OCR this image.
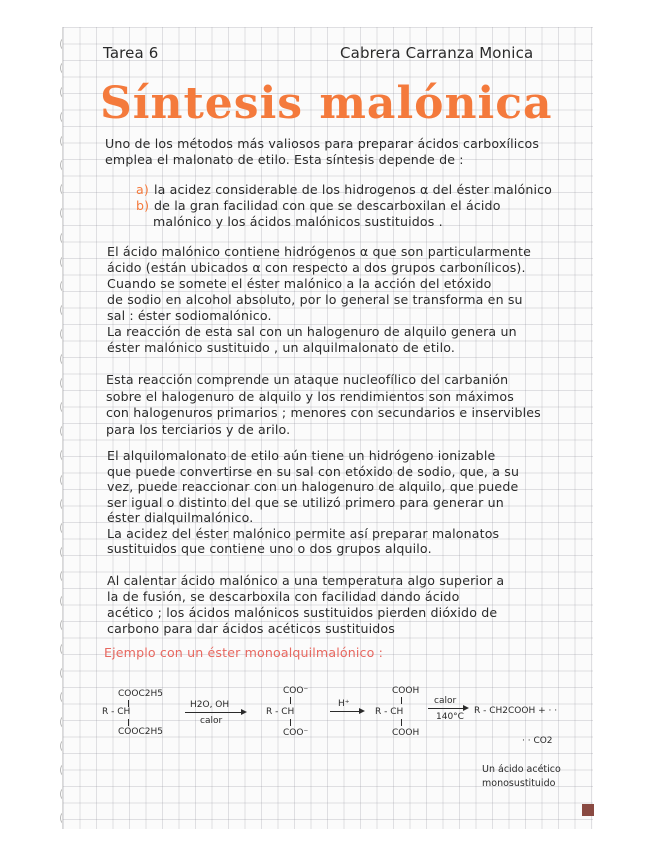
Tarea 6	Cabrera Carranza Monica
Síntesis malónica
Uno de los métodos más valiosos para preparar ácidos carboxílicos
emplea el malonato de etilo. Esta síntesis depende de :
a) la acidez considerable de los hidrogenos α del éster malónico
b) de la gran facilidad con que se descarboxilan el ácido
malónico y los ácidos malónicos sustituidos .
El ácido malónico contiene hidrógenos α que son particularmente
ácido (están ubicados α con respecto a dos grupos carbonílicos).
Cuando se somete el éster malónico a la acción del etóxido
de sodio en alcohol absoluto, por lo general se transforma en su
sal : éster sodiomalónico.
La reacción de esta sal con un halogenuro de alquilo genera un
éster malónico sustituido , un alquilmalonato de etilo.
Esta reacción comprende un ataque nucleofílico del carbanión
sobre el halogenuro de alquilo y los rendimientos son máximos
con halogenuros primarios ; menores con secundarios e inservibles
para los terciarios y de arilo.
El alquilomalonato de etilo aún tiene un hidrógeno ionizable
que puede convertirse en su sal con etóxido de sodio, que, a su
vez, puede reaccionar con un halogenuro de alquilo, que puede
ser igual o distinto del que se utilizó primero para generar un
éster dialquilmalónico.
La acidez del éster malónico permite así preparar malonatos
sustituidos que contiene uno o dos grupos alquilo.
Al calentar ácido malónico a una temperatura algo superior a
la de fusión, se descarboxila con facilidad dando ácido
acético ; los ácidos malónicos sustituidos pierden dióxido de
carbono para dar ácidos acéticos sustituidos
Ejemplo con un éster monoalquilmalónico :
COOC2H5
R - CH
COOC2H5
H2O, OH
calor
COO⁻
R - CH
COO⁻
H⁺
COOH
R - CH
COOH
calor
140°C
R - CH2COOH + · ·
· · CO2
Un ácido acético
monosustituido
